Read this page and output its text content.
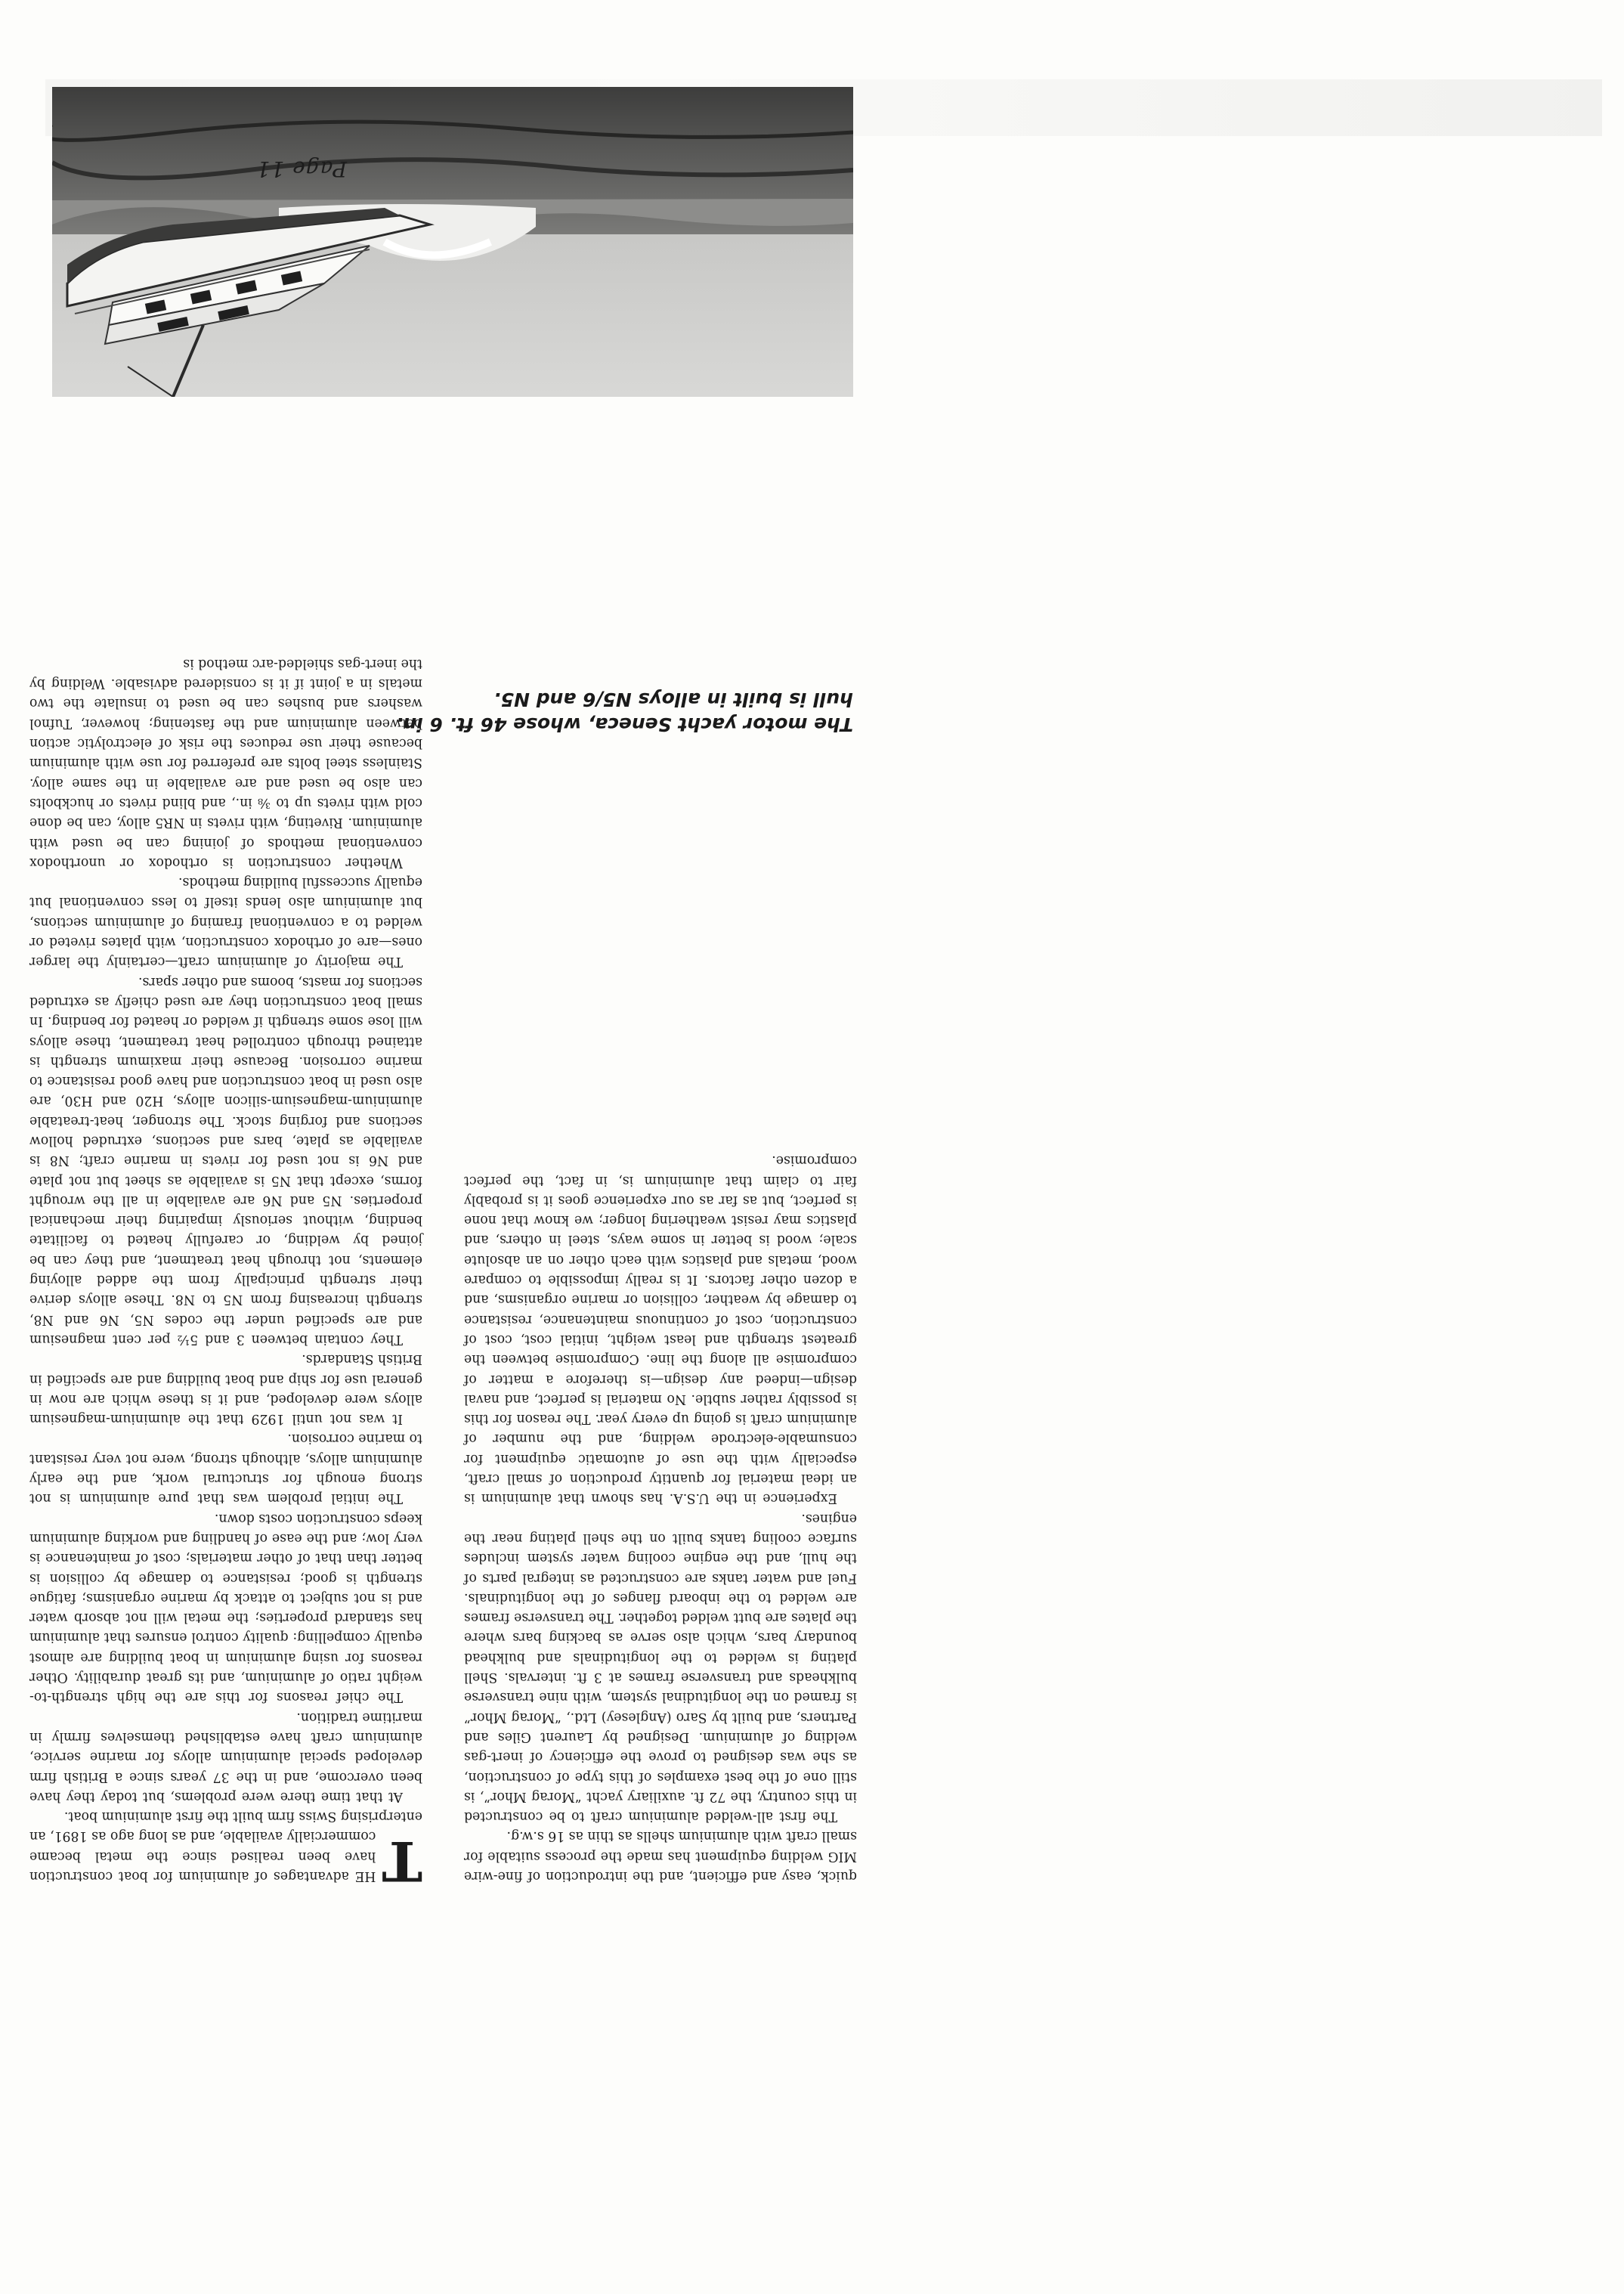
The motor yacht Seneca, whose 46 ft. 6 in. hull is built in alloys N5/6 and N5.
Page 11

T
HE advantages of aluminium for boat construction have been realised since the metal became commercially available, and as long ago as 1891, an enterprising Swiss firm built the first aluminium boat.

At that time there were problems, but today they have been overcome, and in the 37 years since a British firm developed special aluminium alloys for marine service, aluminium craft have established themselves firmly in maritime tradition.

The chief reasons for this are the high strength-to-weight ratio of aluminium, and its great durability. Other reasons for using aluminium in boat building are almost equally compelling: quality control ensures that aluminium has standard properties; the metal will not absorb water and is not subject to attack by marine organisms; fatigue strength is good; resistance to damage by collision is better than that of other materials; cost of maintenance is very low; and the ease of handling and working aluminium keeps construction costs down.

The initial problem was that pure aluminium is not strong enough for structural work, and the early aluminium alloys, although strong, were not very resistant to marine corrosion.

It was not until 1929 that the aluminium-magnesium alloys were developed, and it is these which are now in general use for ship and boat building and are specified in British Standards.

They contain between 3 and 5½ per cent magnesium and are specified under the codes N5, N6 and N8, strength increasing from N5 to N8. These alloys derive their strength principally from the added alloying elements, not through heat treatment, and they can be joined by welding, or carefully heated to facilitate bending, without seriously impairing their mechanical properties. N5 and N6 are available in all the wrought forms, except that N5 is available as sheet but not plate and N6 is not used for rivets in marine craft; N8 is available as plate, bars and sections, extruded hollow sections and forging stock. The stronger, heat-treatable aluminium-magnesium-silicon alloys, H20 and H30, are also used in boat construction and have good resistance to marine corrosion. Because their maximum strength is attained through controlled heat treatment, these alloys will lose some strength if welded or heated for bending. In small boat construction they are used chiefly as extruded sections for masts, booms and other spars.

The majority of aluminium craft—certainly the larger ones—are of orthodox construction, with plates riveted or welded to a conventional framing of aluminium sections, but aluminium also lends itself to less conventional but equally successful building methods.

Whether construction is orthodox or unorthodox conventional methods of joining can be used with aluminium. Riveting, with rivets in NR5 alloy, can be done cold with rivets up to ⅜ in., and blind rivets or huckbolts can also be used and are available in the same alloy. Stainless steel bolts are preferred for use with aluminium because their use reduces the risk of electrolytic action between aluminium and the fastening; however, Tufnol washers and bushes can be used to insulate the two metals in a joint if it is considered advisable. Welding by the inert-gas shielded-arc method is

quick, easy and efficient, and the introduction of fine-wire MIG welding equipment has made the process suitable for small craft with aluminium shells as thin as 16 s.w.g.

The first all-welded aluminium craft to be constructed in this country, the 72 ft. auxiliary yacht “Morag Mhor”, is still one of the best examples of this type of construction, as she was designed to prove the efficiency of inert-gas welding of aluminium. Designed by Laurent Giles and Partners, and built by Saro (Anglesey) Ltd., “Morag Mhor” is framed on the longitudinal system, with nine transverse bulkheads and transverse frames at 3 ft. intervals. Shell plating is welded to the longitudinals and bulkhead boundary bars, which also serve as backing bars where the plates are butt welded together. The transverse frames are welded to the inboard flanges of the longitudinals. Fuel and water tanks are constructed as integral parts of the hull, and the engine cooling water system includes surface cooling tanks built on the shell plating near the engines.

Experience in the U.S.A. has shown that aluminium is an ideal material for quantity production of small craft, especially with the use of automatic equipment for consumable-electrode welding, and the number of aluminium craft is going up every year. The reason for this is possibly rather subtle. No material is perfect, and naval design—indeed any design—is therefore a matter of compromise all along the line. Compromise between the greatest strength and least weight, initial cost, cost of construction, cost of continuous maintenance, resistance to damage by weather, collision or marine organisms, and a dozen other factors. It is really impossible to compare wood, metals and plastics with each other on an absolute scale; wood is better in some ways, steel in others, and plastics may resist weathering longer; we know that none is perfect, but as far as our experience goes it is probably fair to claim that aluminium is, in fact, the perfect compromise.
